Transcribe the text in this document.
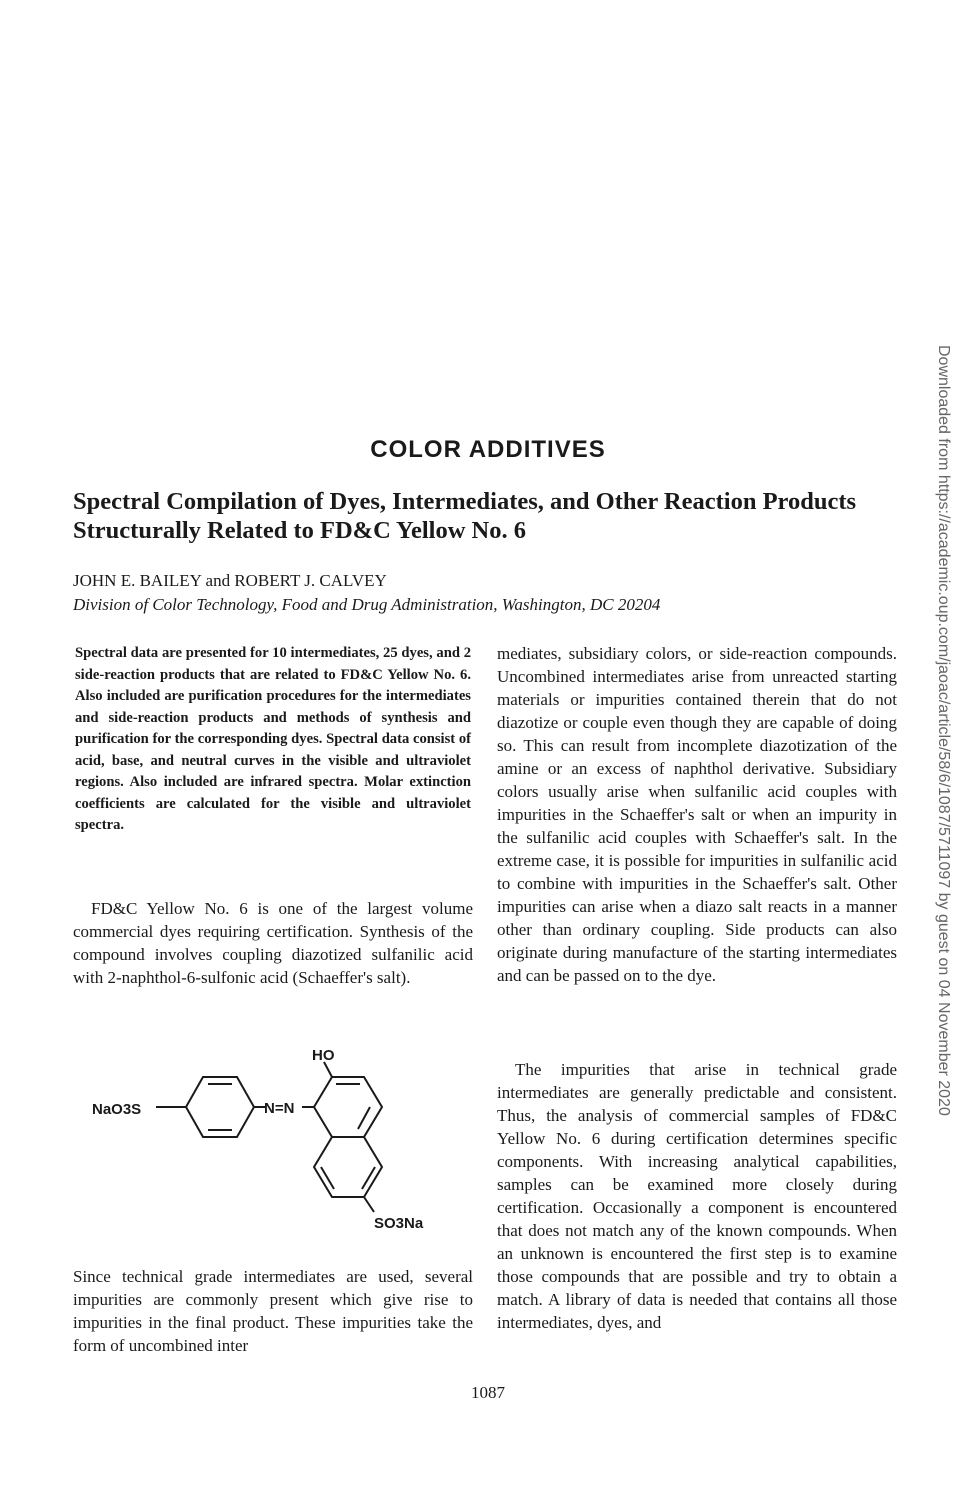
COLOR ADDITIVES
Spectral Compilation of Dyes, Intermediates, and Other Reaction Products Structurally Related to FD&C Yellow No. 6
JOHN E. BAILEY and ROBERT J. CALVEY
Division of Color Technology, Food and Drug Administration, Washington, DC 20204
Spectral data are presented for 10 intermediates, 25 dyes, and 2 side-reaction products that are related to FD&C Yellow No. 6. Also included are purification procedures for the intermediates and side-reaction products and methods of synthesis and purification for the corresponding dyes. Spectral data consist of acid, base, and neutral curves in the visible and ultraviolet regions. Also included are infrared spectra. Molar extinction coefficients are calculated for the visible and ultraviolet spectra.
FD&C Yellow No. 6 is one of the largest volume commercial dyes requiring certification. Synthesis of the compound involves coupling diazotized sulfanilic acid with 2-naphthol-6-sulfonic acid (Schaeffer's salt).
NaO3S	N=N
HO
SO3Na
Since technical grade intermediates are used, several impurities are commonly present which give rise to impurities in the final product. These impurities take the form of uncombined inter
mediates, subsidiary colors, or side-reaction compounds. Uncombined intermediates arise from unreacted starting materials or impurities contained therein that do not diazotize or couple even though they are capable of doing so. This can result from incomplete diazotization of the amine or an excess of naphthol derivative. Subsidiary colors usually arise when sulfanilic acid couples with impurities in the Schaeffer's salt or when an impurity in the sulfanilic acid couples with Schaeffer's salt. In the extreme case, it is possible for impurities in sulfanilic acid to combine with impurities in the Schaeffer's salt. Other impurities can arise when a diazo salt reacts in a manner other than ordinary coupling. Side products can also originate during manufacture of the starting intermediates and can be passed on to the dye.
The impurities that arise in technical grade intermediates are generally predictable and consistent. Thus, the analysis of commercial samples of FD&C Yellow No. 6 during certification determines specific components. With increasing analytical capabilities, samples can be examined more closely during certification. Occasionally a component is encountered that does not match any of the known compounds. When an unknown is encountered the first step is to examine those compounds that are possible and try to obtain a match. A library of data is needed that contains all those intermediates, dyes, and
1087
Downloaded from https://academic.oup.com/jaoac/article/58/6/1087/5711097 by guest on 04 November 2020
